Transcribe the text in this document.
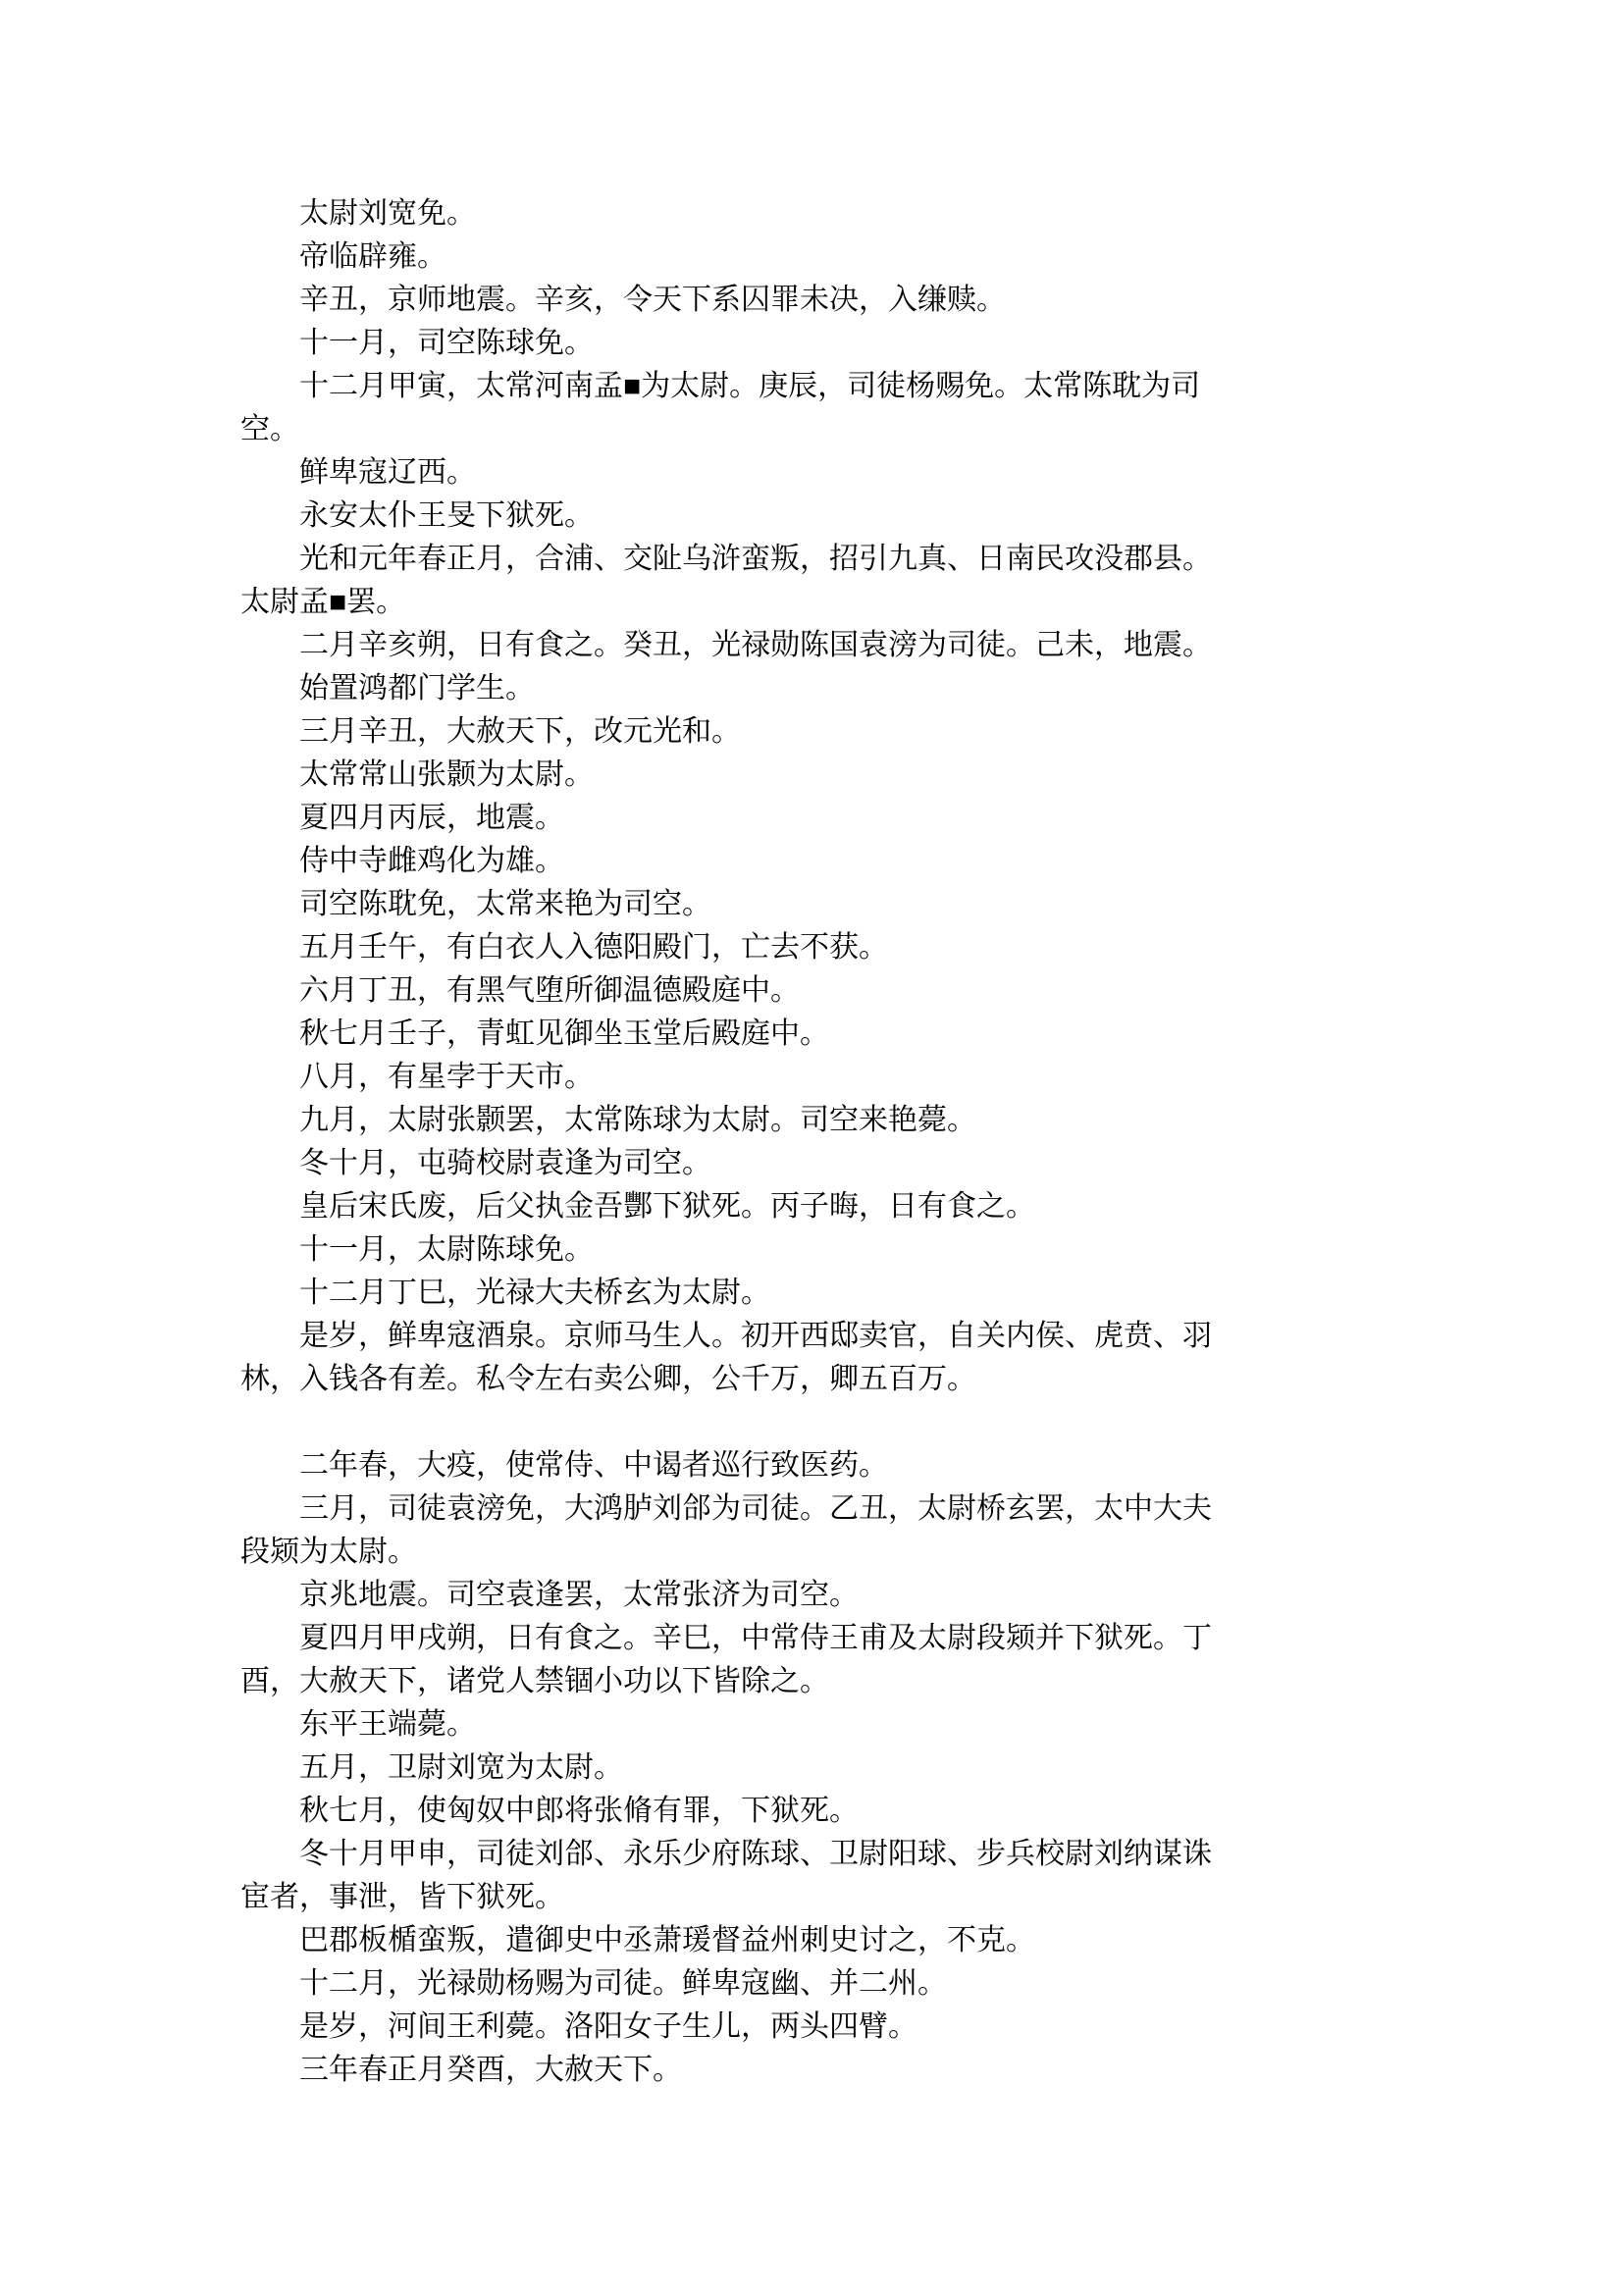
太尉刘宽免。
帝临辟雍。
辛丑，京师地震。辛亥，令天下系囚罪未决，入缣赎。
十一月，司空陈球免。
十二月甲寅，太常河南孟■为太尉。庚辰，司徒杨赐免。太常陈耽为司
空。
鲜卑寇辽西。
永安太仆王旻下狱死。
光和元年春正月，合浦、交阯乌浒蛮叛，招引九真、日南民攻没郡县。
太尉孟■罢。
二月辛亥朔，日有食之。癸丑，光禄勋陈国袁滂为司徒。己未，地震。
始置鸿都门学生。
三月辛丑，大赦天下，改元光和。
太常常山张颢为太尉。
夏四月丙辰，地震。
侍中寺雌鸡化为雄。
司空陈耽免，太常来艳为司空。
五月壬午，有白衣人入德阳殿门，亡去不获。
六月丁丑，有黑气堕所御温德殿庭中。
秋七月壬子，青虹见御坐玉堂后殿庭中。
八月，有星孛于天市。
九月，太尉张颢罢，太常陈球为太尉。司空来艳薨。
冬十月，屯骑校尉袁逢为司空。
皇后宋氏废，后父执金吾酆下狱死。丙子晦，日有食之。
十一月，太尉陈球免。
十二月丁巳，光禄大夫桥玄为太尉。
是岁，鲜卑寇酒泉。京师马生人。初开西邸卖官，自关内侯、虎贲、羽
林，入钱各有差。私令左右卖公卿，公千万，卿五百万。
二年春，大疫，使常侍、中谒者巡行致医药。
三月，司徒袁滂免，大鸿胪刘郃为司徒。乙丑，太尉桥玄罢，太中大夫
段颎为太尉。
京兆地震。司空袁逢罢，太常张济为司空。
夏四月甲戌朔，日有食之。辛巳，中常侍王甫及太尉段颎并下狱死。丁
酉，大赦天下，诸党人禁锢小功以下皆除之。
东平王端薨。
五月，卫尉刘宽为太尉。
秋七月，使匈奴中郎将张脩有罪，下狱死。
冬十月甲申，司徒刘郃、永乐少府陈球、卫尉阳球、步兵校尉刘纳谋诛
宦者，事泄，皆下狱死。
巴郡板楯蛮叛，遣御史中丞萧瑗督益州刺史讨之，不克。
十二月，光禄勋杨赐为司徒。鲜卑寇幽、并二州。
是岁，河间王利薨。洛阳女子生儿，两头四臂。
三年春正月癸酉，大赦天下。
